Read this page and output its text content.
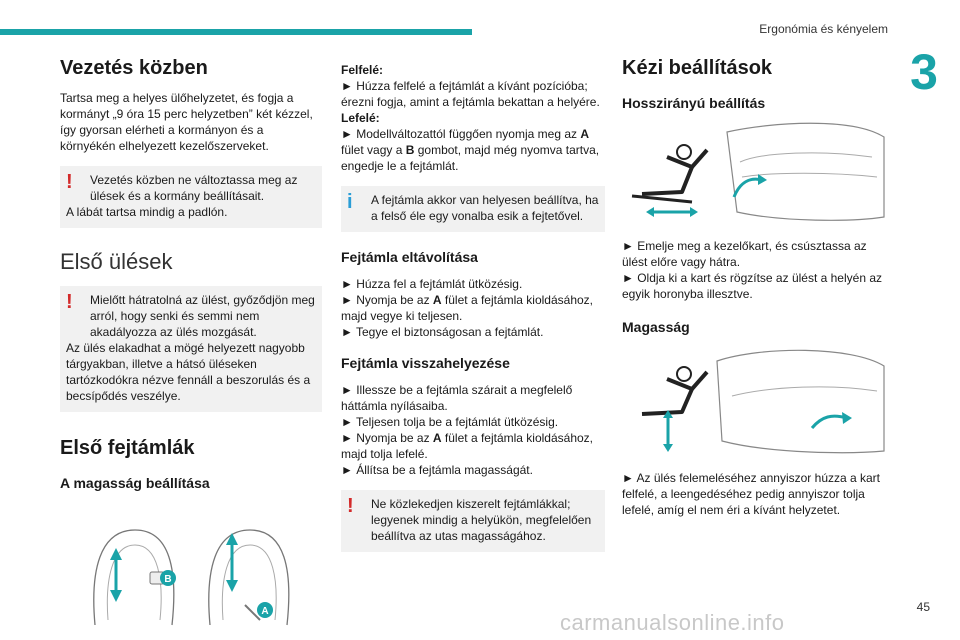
Ergonómia és kényelem
3
Vezetés közben

Tartsa meg a helyes ülőhelyzetet, és fogja a kormányt „9 óra 15 perc helyzetben” két kézzel, így gyorsan elérheti a kormányon és a környékén elhelyezett kezelőszerveket.

!	Vezetés közben ne változtassa meg az ülések és a kormány beállításait.

A lábát tartsa mindig a padlón.

Első ülések
!	Mielőtt hátratolná az ülést, győződjön meg arról, hogy senki és semmi nem akadályozza az ülés mozgását.

Az ülés elakadhat a mögé helyezett nagyobb tárgyakban, illetve a hátsó üléseken tartózkodókra nézve fennáll a beszorulás és a becsípődés veszélye.

Első fejtámlák
A magasság beállítása
B
A

Felfelé:

► Húzza felfelé a fejtámlát a kívánt pozícióba; érezni fogja, amint a fejtámla bekattan a helyére.

Lefelé:

► Modellváltozattól függően nyomja meg az A fület vagy a B gombot, majd még nyomva tartva, engedje le a fejtámlát.

i	A fejtámla akkor van helyesen beállítva, ha a felső éle egy vonalba esik a fejtetővel.

Fejtámla eltávolítása

► Húzza fel a fejtámlát ütközésig.

► Nyomja be az A fület a fejtámla kioldásához, majd vegye ki teljesen.

► Tegye el biztonságosan a fejtámlát.

Fejtámla visszahelyezése

► Illessze be a fejtámla szárait a megfelelő háttámla nyílásaiba.

► Teljesen tolja be a fejtámlát ütközésig.

► Nyomja be az A fület a fejtámla kioldásához, majd tolja lefelé.

► Állítsa be a fejtámla magasságát.

!	Ne közlekedjen kiszerelt fejtámlákkal; legyenek mindig a helyükön, megfelelően beállítva az utas magasságához.

Kézi beállítások
Hosszirányú beállítás

► Emelje meg a kezelőkart, és csúsztassa az ülést előre vagy hátra.

► Oldja ki a kart és rögzítse az ülést a helyén az egyik horonyba illesztve.

Magasság

► Az ülés felemeléséhez annyiszor húzza a kart felfelé, a leengedéséhez pedig annyiszor tolja lefelé, amíg el nem éri a kívánt helyzetet.

45
carmanualsonline.info
